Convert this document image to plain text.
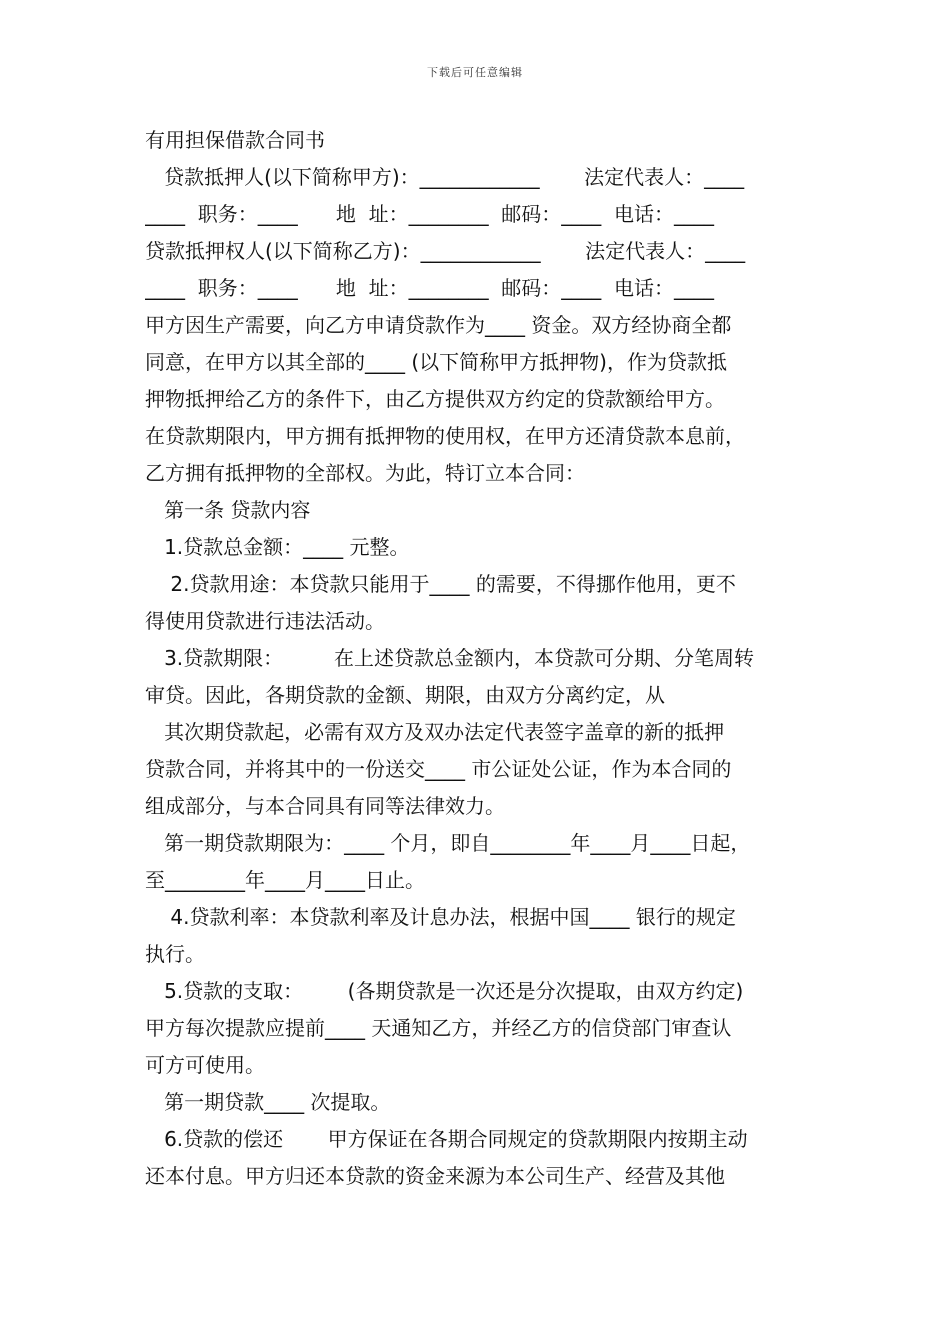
下载后可任意编辑
有用担保借款合同书
贷款抵押人(以下简称甲方)：____________       法定代表人：____
____  职务：____      地  址：________  邮码：____  电话：____
贷款抵押权人(以下简称乙方)：____________       法定代表人：____
____  职务：____      地  址：________  邮码：____  电话：____
甲方因生产需要，向乙方申请贷款作为____ 资金。双方经协商全都
同意，在甲方以其全部的____ (以下简称甲方抵押物)，作为贷款抵
押物抵押给乙方的条件下，由乙方提供双方约定的贷款额给甲方。
在贷款期限内，甲方拥有抵押物的使用权，在甲方还清贷款本息前，
乙方拥有抵押物的全部权。为此，特订立本合同：
第一条 贷款内容
1.贷款总金额：____ 元整。
2.贷款用途：本贷款只能用于____ 的需要，不得挪作他用，更不
得使用贷款进行违法活动。
3.贷款期限：        在上述贷款总金额内，本贷款可分期、分笔周转
审贷。因此，各期贷款的金额、期限，由双方分离约定，从
其次期贷款起，必需有双方及双办法定代表签字盖章的新的抵押
贷款合同，并将其中的一份送交____ 市公证处公证，作为本合同的
组成部分，与本合同具有同等法律效力。
第一期贷款期限为：____ 个月，即自________年____月____日起，
至________年____月____日止。
4.贷款利率：本贷款利率及计息办法，根据中国____ 银行的规定
执行。
5.贷款的支取：       (各期贷款是一次还是分次提取，由双方约定)
甲方每次提款应提前____ 天通知乙方，并经乙方的信贷部门审查认
可方可使用。
第一期贷款____ 次提取。
6.贷款的偿还       甲方保证在各期合同规定的贷款期限内按期主动
还本付息。甲方归还本贷款的资金来源为本公司生产、经营及其他
